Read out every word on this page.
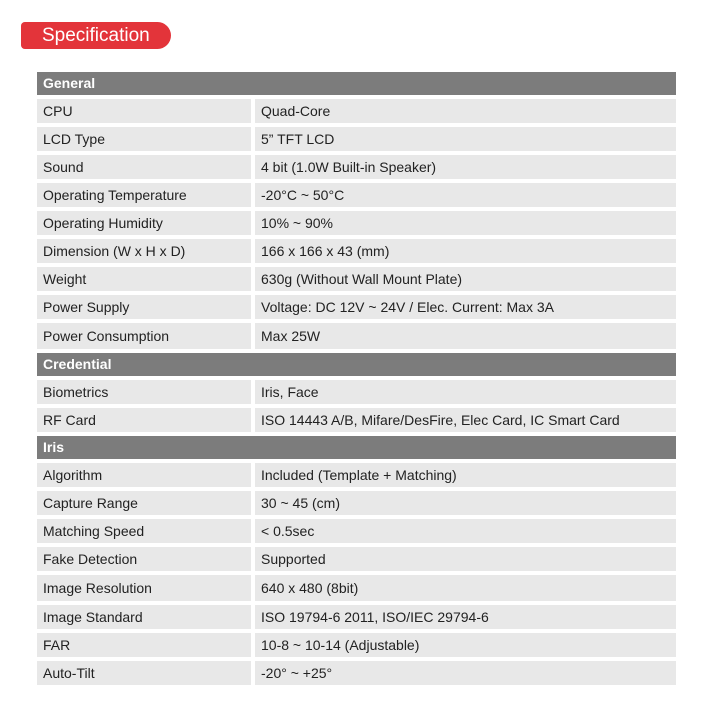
Specification
General
CPU	Quad-Core
LCD Type	5” TFT LCD
Sound	4 bit (1.0W Built-in Speaker)
Operating Temperature	-20°C ~ 50°C
Operating Humidity	10% ~ 90%
Dimension (W x H x D)	166 x 166 x 43 (mm)
Weight	630g (Without Wall Mount Plate)
Power Supply	Voltage: DC 12V ~ 24V / Elec. Current: Max 3A
Power Consumption	Max 25W
Credential
Biometrics	Iris, Face
RF Card	ISO 14443 A/B, Mifare/DesFire, Elec Card, IC Smart Card
Iris
Algorithm	Included (Template + Matching)
Capture Range	30 ~ 45 (cm)
Matching Speed	< 0.5sec
Fake Detection	Supported
Image Resolution	640 x 480 (8bit)
Image Standard	ISO 19794-6 2011, ISO/IEC 29794-6
FAR	10-8 ~ 10-14 (Adjustable)
Auto-Tilt	-20° ~ +25°
